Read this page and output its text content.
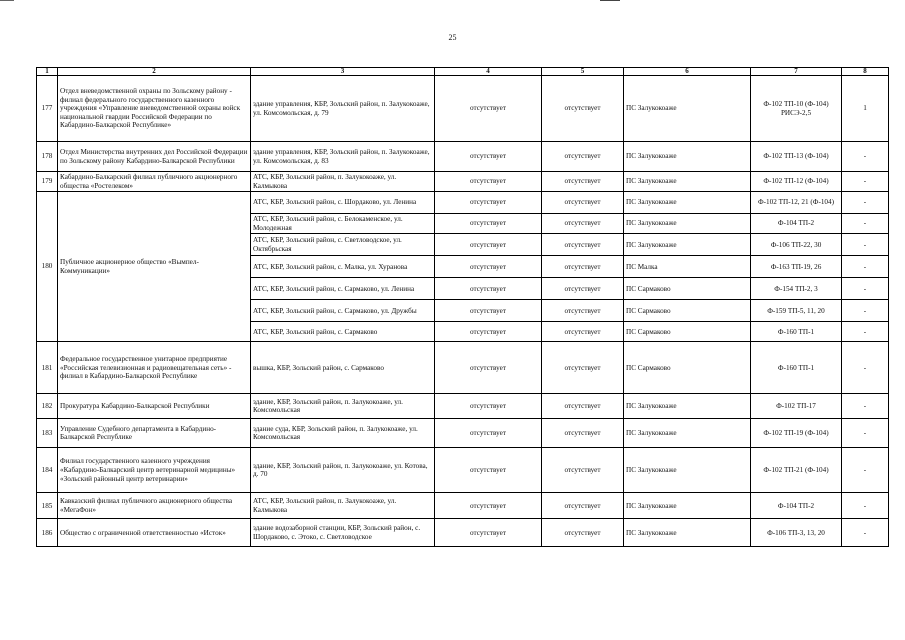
25
1	2	3	4	5	6	7	8
177	Отдел вневедомственной охраны по Зольскому району - филиал федерального государственного казенного учреждения «Управление вневедомственной охраны войск национальной гвардии Российской Федерации по Кабардино-Балкарской Республике»	здание управления, КБР, Зольский район, п. Залукокоаже, ул. Комсомольская, д. 79	отсутствует	отсутствует	ПС Залукокоаже	Ф-102 ТП-10 (Ф-104) РИСЭ-2,5	1
178	Отдел Министерства внутренних дел Российской Федерации по Зольскому району Кабардино-Балкарской Республики	здание управления, КБР, Зольский район, п. Залукокоаже, ул. Комсомольская, д. 83	отсутствует	отсутствует	ПС Залукокоаже	Ф-102 ТП-13 (Ф-104)	-
179	Кабардино-Балкарский филиал публичного акционерного общества «Ростелеком»	АТС, КБР, Зольский район, п. Залукокоаже, ул. Калмыкова	отсутствует	отсутствует	ПС Залукокоаже	Ф-102 ТП-12 (Ф-104)	-
180	Публичное акционерное общество «Вымпел-Коммуникации»	АТС, КБР, Зольский район, с. Шордаково, ул. Ленина	отсутствует	отсутствует	ПС Залукокоаже	Ф-102 ТП-12, 21 (Ф-104)	-
		АТС, КБР, Зольский район, с. Белокаменское, ул. Молодежная	отсутствует	отсутствует	ПС Залукокоаже	Ф-104 ТП-2	-
		АТС, КБР, Зольский район, с. Светловодское, ул. Октябрьская	отсутствует	отсутствует	ПС Залукокоаже	Ф-106 ТП-22, 30	-
		АТС, КБР, Зольский район, с. Малка, ул. Хуранова	отсутствует	отсутствует	ПС Малка	Ф-163 ТП-19, 26	-
		АТС, КБР, Зольский район, с. Сармаково, ул. Ленина	отсутствует	отсутствует	ПС Сармаково	Ф-154 ТП-2, 3	-
		АТС, КБР, Зольский район, с. Сармаково, ул. Дружбы	отсутствует	отсутствует	ПС Сармаково	Ф-159 ТП-5, 11, 20	-
		АТС, КБР, Зольский район, с. Сармаково	отсутствует	отсутствует	ПС Сармаково	Ф-160 ТП-1	-
181	Федеральное государственное унитарное предприятие «Российская телевизионная и радиовещательная сеть» - филиал в Кабардино-Балкарской Республике	вышка, КБР, Зольский район, с. Сармаково	отсутствует	отсутствует	ПС Сармаково	Ф-160 ТП-1	-
182	Прокуратура Кабардино-Балкарской Республики	здание, КБР, Зольский район, п. Залукокоаже, ул. Комсомольская	отсутствует	отсутствует	ПС Залукокоаже	Ф-102 ТП-17	-
183	Управление Судебного департамента в Кабардино-Балкарской Республике	здание суда, КБР, Зольский район, п. Залукокоаже, ул. Комсомольская	отсутствует	отсутствует	ПС Залукокоаже	Ф-102 ТП-19 (Ф-104)	-
184	Филиал государственного казенного учреждения «Кабардино-Балкарский центр ветеринарной медицины» «Зольский районный центр ветеринарии»	здание, КБР, Зольский район, п. Залукокоаже, ул. Котова, д. 70	отсутствует	отсутствует	ПС Залукокоаже	Ф-102 ТП-21 (Ф-104)	-
185	Кавказский филиал публичного акционерного общества «МегаФон»	АТС, КБР, Зольский район, п. Залукокоаже, ул. Калмыкова	отсутствует	отсутствует	ПС Залукокоаже	Ф-104 ТП-2	-
186	Общество с ограниченной ответственностью «Исток»	здание водозаборной станции, КБР, Зольский район, с. Шордаково, с. Этоко, с. Светловодское	отсутствует	отсутствует	ПС Залукокоаже	Ф-106 ТП-3, 13, 20	-
